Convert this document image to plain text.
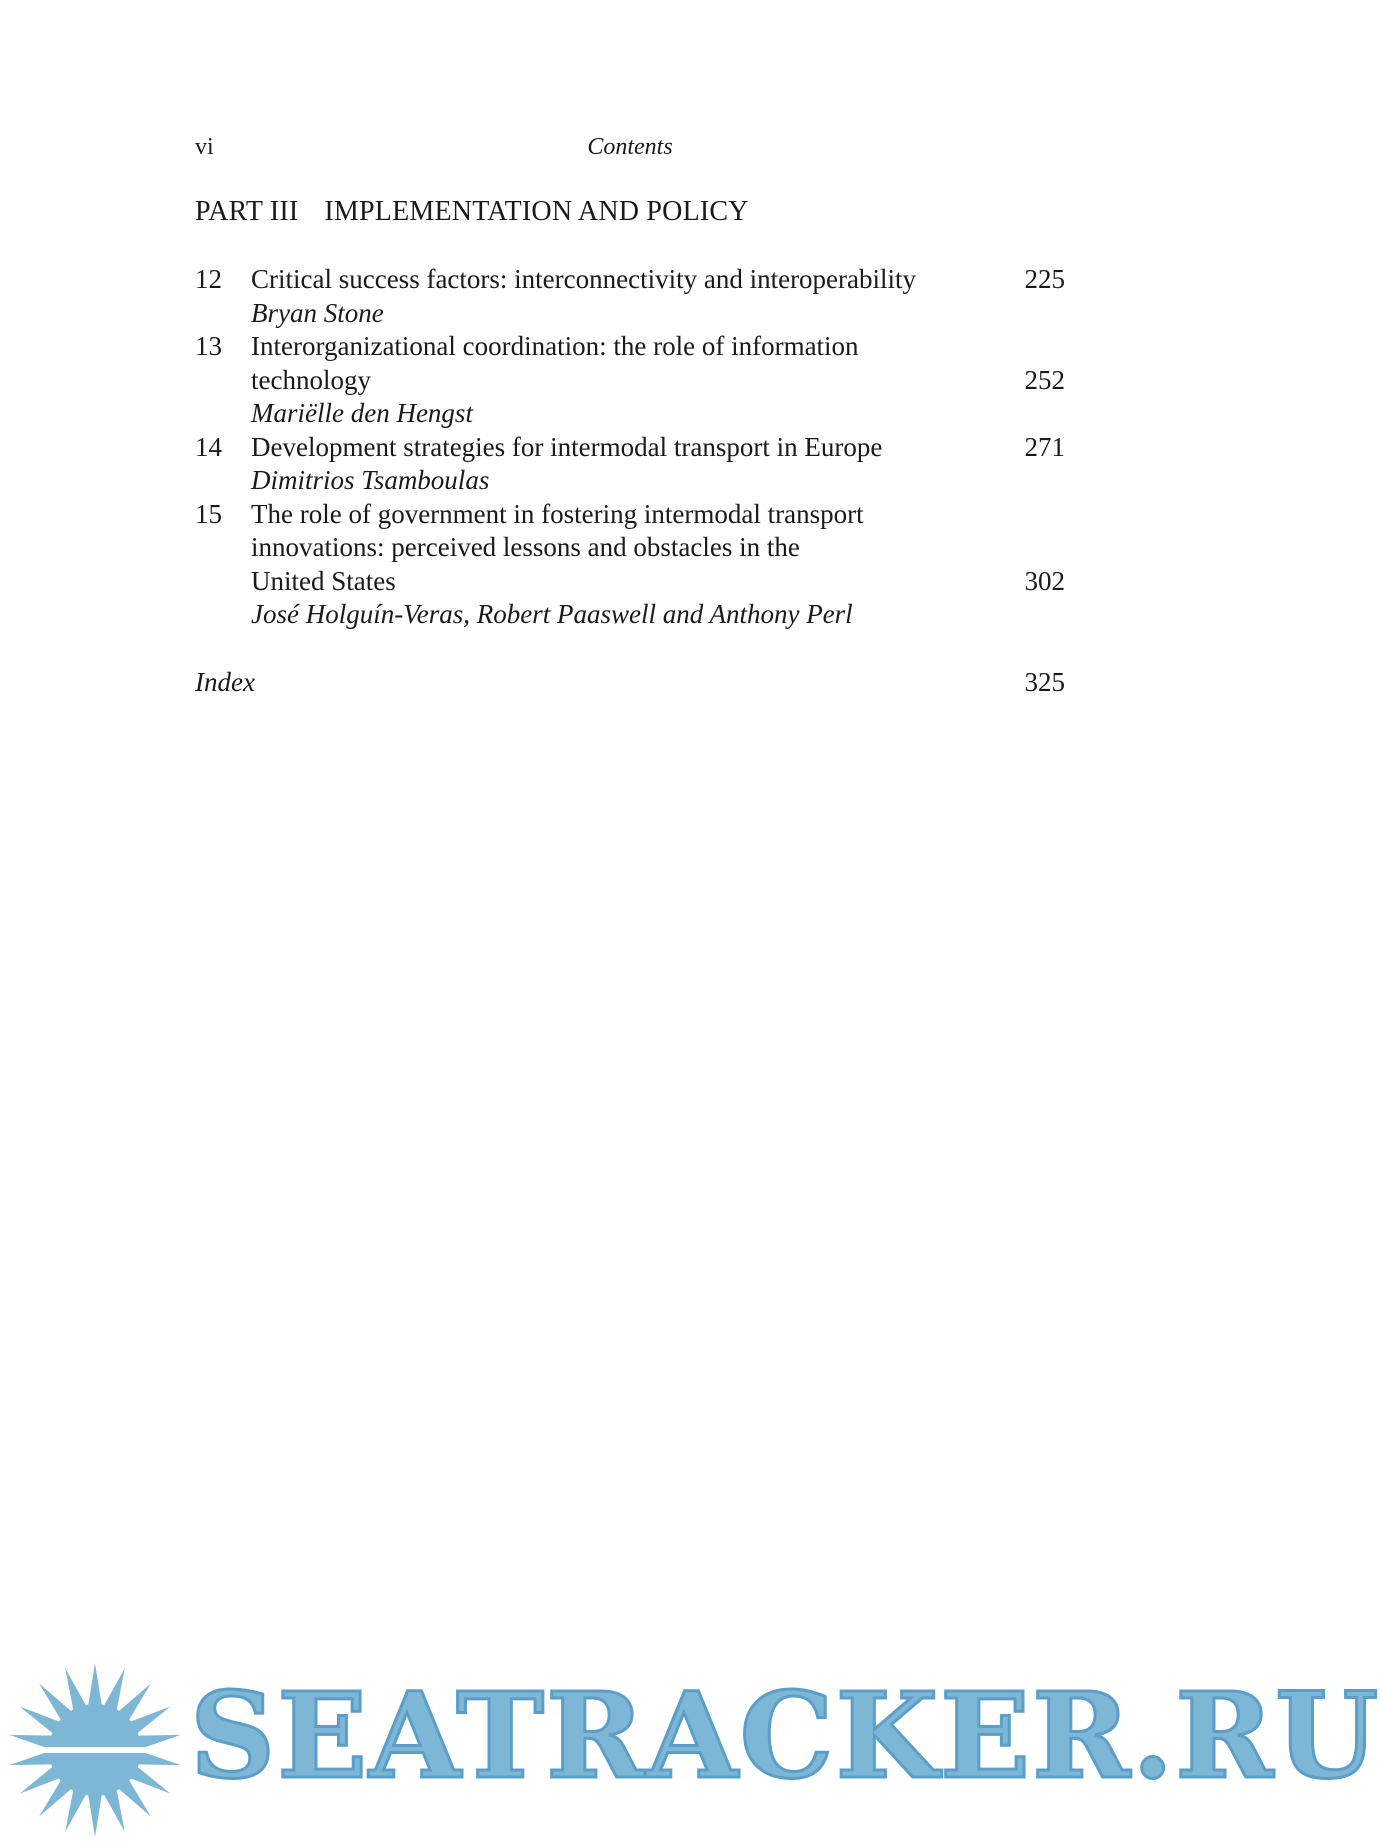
vi	Contents
PART III IMPLEMENTATION AND POLICY
12 Critical success factors: interconnectivity and interoperability
Bryan Stone
225
13 Interorganizational coordination: the role of information
technology
Mariëlle den Hengst
252
14 Development strategies for intermodal transport in Europe
Dimitrios Tsamboulas
271
15 The role of government in fostering intermodal transport
innovations: perceived lessons and obstacles in the
United States
José Holguín-Veras, Robert Paaswell and Anthony Perl
302
Index	325
SEATRACKER.RU
